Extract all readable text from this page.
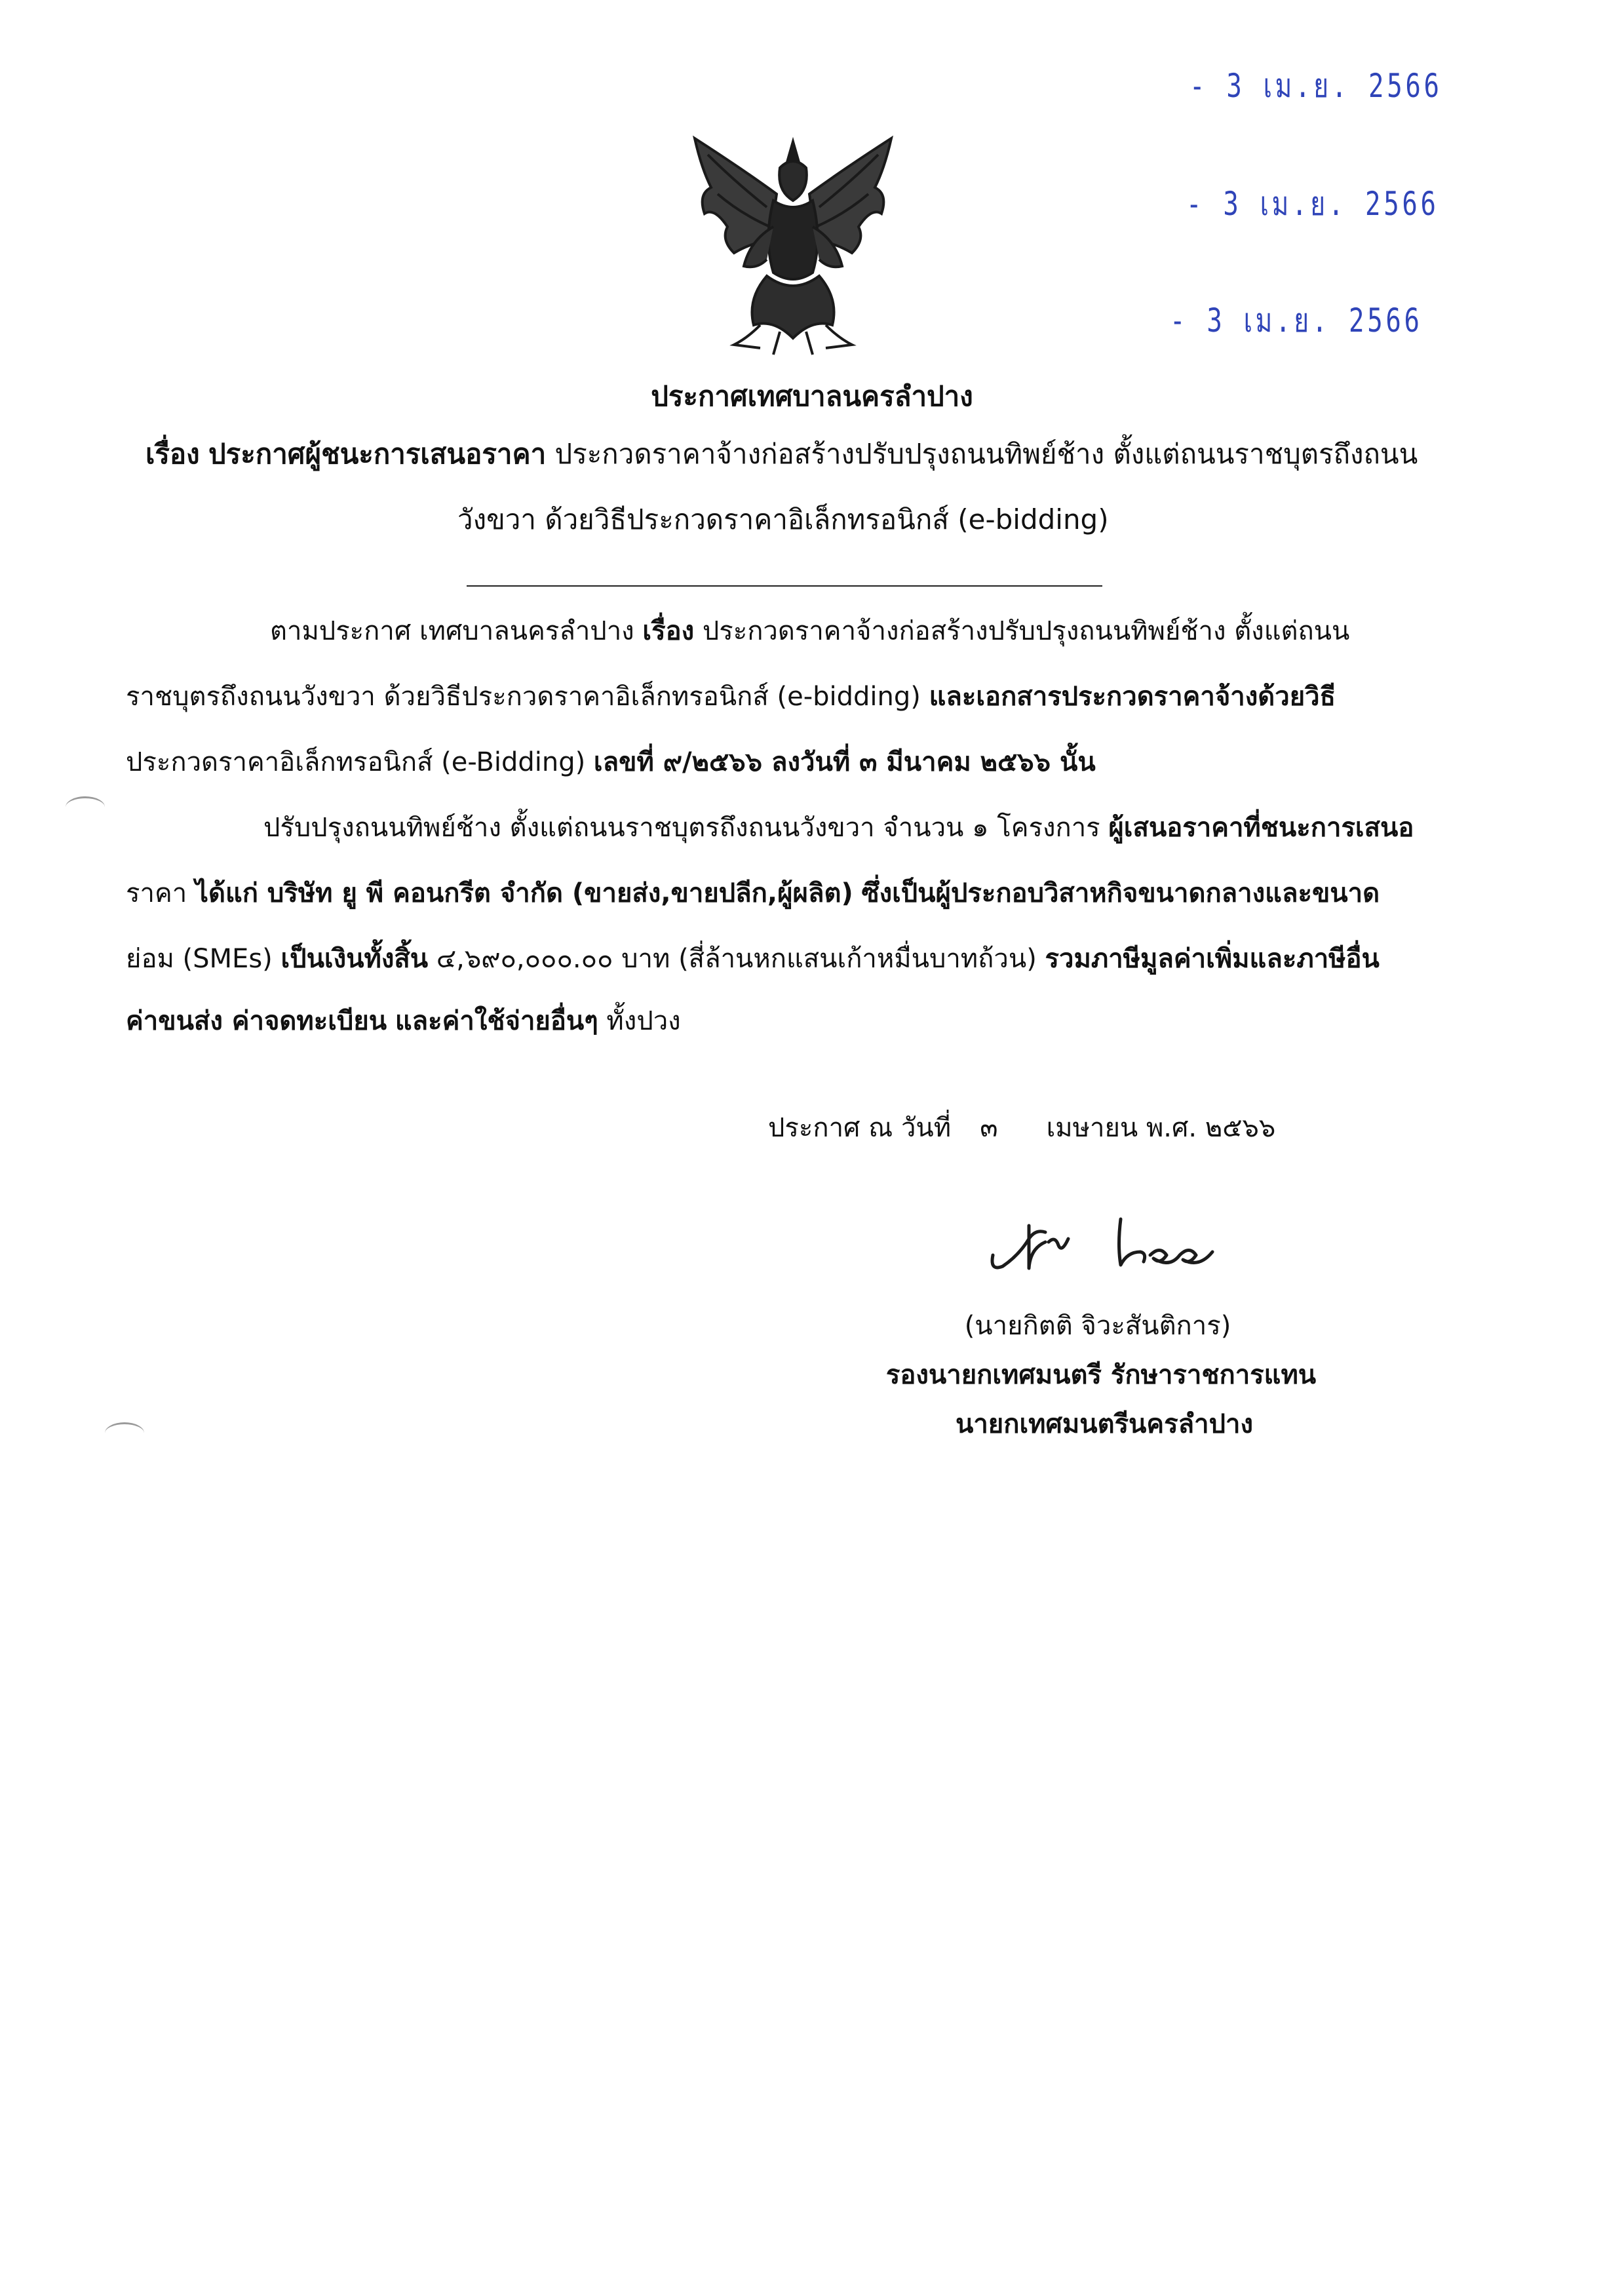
- 3 เม.ย. 2566
- 3 เม.ย. 2566
- 3 เม.ย. 2566
ประกาศเทศบาลนครลำปาง
เรื่อง ประกาศผู้ชนะการเสนอราคา ประกวดราคาจ้างก่อสร้างปรับปรุงถนนทิพย์ช้าง ตั้งแต่ถนนราชบุตรถึงถนน
วังขวา ด้วยวิธีประกวดราคาอิเล็กทรอนิกส์ (e-bidding)
ตามประกาศ เทศบาลนครลำปาง เรื่อง ประกวดราคาจ้างก่อสร้างปรับปรุงถนนทิพย์ช้าง ตั้งแต่ถนน
ราชบุตรถึงถนนวังขวา ด้วยวิธีประกวดราคาอิเล็กทรอนิกส์ (e-bidding) และเอกสารประกวดราคาจ้างด้วยวิธี
ประกวดราคาอิเล็กทรอนิกส์ (e-Bidding) เลขที่ ๙/๒๕๖๖ ลงวันที่ ๓ มีนาคม ๒๕๖๖ นั้น
ปรับปรุงถนนทิพย์ช้าง ตั้งแต่ถนนราชบุตรถึงถนนวังขวา จำนวน ๑ โครงการ ผู้เสนอราคาที่ชนะการเสนอ
ราคา ได้แก่ บริษัท ยู พี คอนกรีต จำกัด (ขายส่ง,ขายปลีก,ผู้ผลิต) ซึ่งเป็นผู้ประกอบวิสาหกิจขนาดกลางและขนาด
ย่อม (SMEs) เป็นเงินทั้งสิ้น ๔,๖๙๐,๐๐๐.๐๐ บาท (สี่ล้านหกแสนเก้าหมื่นบาทถ้วน) รวมภาษีมูลค่าเพิ่มและภาษีอื่น
ค่าขนส่ง ค่าจดทะเบียน และค่าใช้จ่ายอื่นๆ ทั้งปวง
ประกาศ ณ วันที่ ๓ เมษายน พ.ศ. ๒๕๖๖
(นายกิตติ จิวะสันติการ)
รองนายกเทศมนตรี รักษาราชการแทน
นายกเทศมนตรีนครลำปาง
